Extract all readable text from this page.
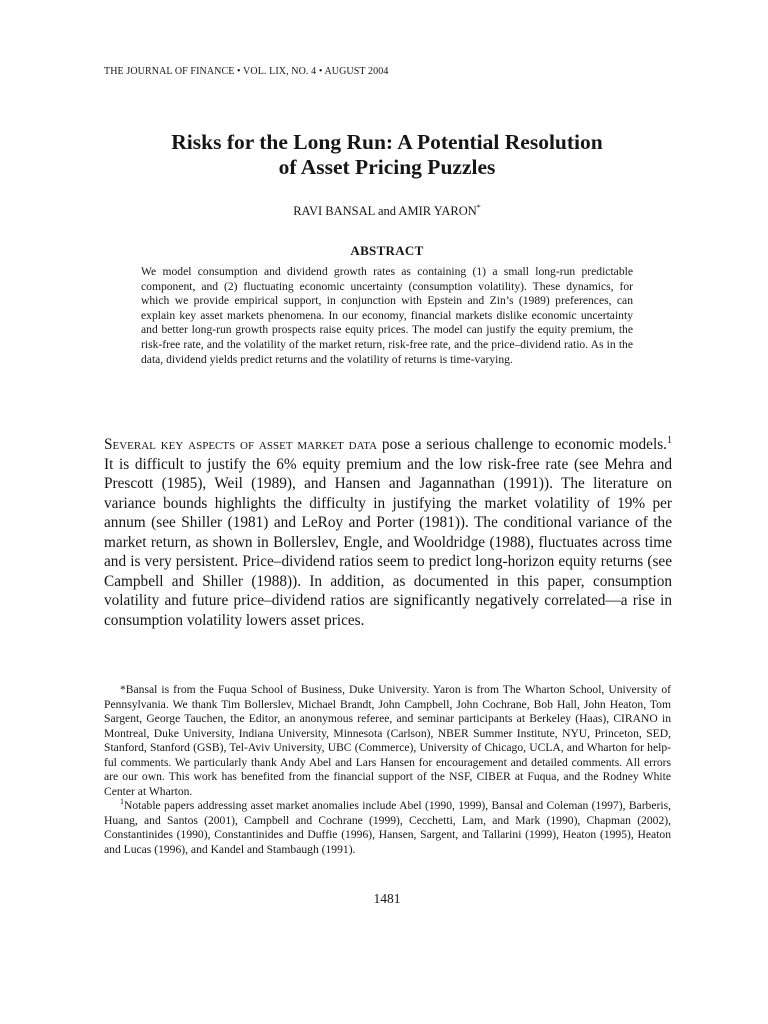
THE JOURNAL OF FINANCE • VOL. LIX, NO. 4 • AUGUST 2004
Risks for the Long Run: A Potential Resolution
of Asset Pricing Puzzles
RAVI BANSAL and AMIR YARON*
ABSTRACT
We model consumption and dividend growth rates as containing (1) a small long-run predictable component, and (2) fluctuating economic uncertainty (consumption volatility). These dynamics, for which we provide empirical support, in conjunction with Epstein and Zin’s (1989) preferences, can explain key asset markets phenomena. In our economy, financial markets dislike economic uncertainty and better long-run growth prospects raise equity prices. The model can justify the equity premium, the risk-free rate, and the volatility of the market return, risk-free rate, and the price–dividend ratio. As in the data, dividend yields predict returns and the volatility of returns is time-varying.
Several key aspects of asset market data pose a serious challenge to economic models.$^1$ It is difficult to justify the 6% equity premium and the low risk-free rate (see Mehra and Prescott (1985), Weil (1989), and Hansen and Jagannathan (1991)). The literature on variance bounds highlights the difficulty in justifying the market volatility of 19% per annum (see Shiller (1981) and LeRoy and Porter (1981)). The conditional variance of the market return, as shown in Bollerslev, Engle, and Wooldridge (1988), fluctuates across time and is very persistent. Price–dividend ratios seem to predict long-horizon equity returns (see Campbell and Shiller (1988)). In addition, as documented in this paper, consumption volatility and future price–dividend ratios are significantly negatively correlated—a rise in consumption volatility lowers asset prices.

*Bansal is from the Fuqua School of Business, Duke University. Yaron is from The Wharton School, University of Pennsylvania. We thank Tim Bollerslev, Michael Brandt, John Campbell, John Cochrane, Bob Hall, John Heaton, Tom Sargent, George Tauchen, the Editor, an anonymous referee, and seminar participants at Berkeley (Haas), CIRANO in Montreal, Duke University, Indiana University, Minnesota (Carlson), NBER Summer Institute, NYU, Princeton, SED, Stanford, Stanford (GSB), Tel-Aviv University, UBC (Commerce), University of Chicago, UCLA, and Wharton for helpful comments. We particularly thank Andy Abel and Lars Hansen for encouragement and detailed comments. All errors are our own. This work has benefited from the financial support of the NSF, CIBER at Fuqua, and the Rodney White Center at Wharton.

$^1$Notable papers addressing asset market anomalies include Abel (1990, 1999), Bansal and Coleman (1997), Barberis, Huang, and Santos (2001), Campbell and Cochrane (1999), Cecchetti, Lam, and Mark (1990), Chapman (2002), Constantinides (1990), Constantinides and Duffie (1996), Hansen, Sargent, and Tallarini (1999), Heaton (1995), Heaton and Lucas (1996), and Kandel and Stambaugh (1991).

1481
